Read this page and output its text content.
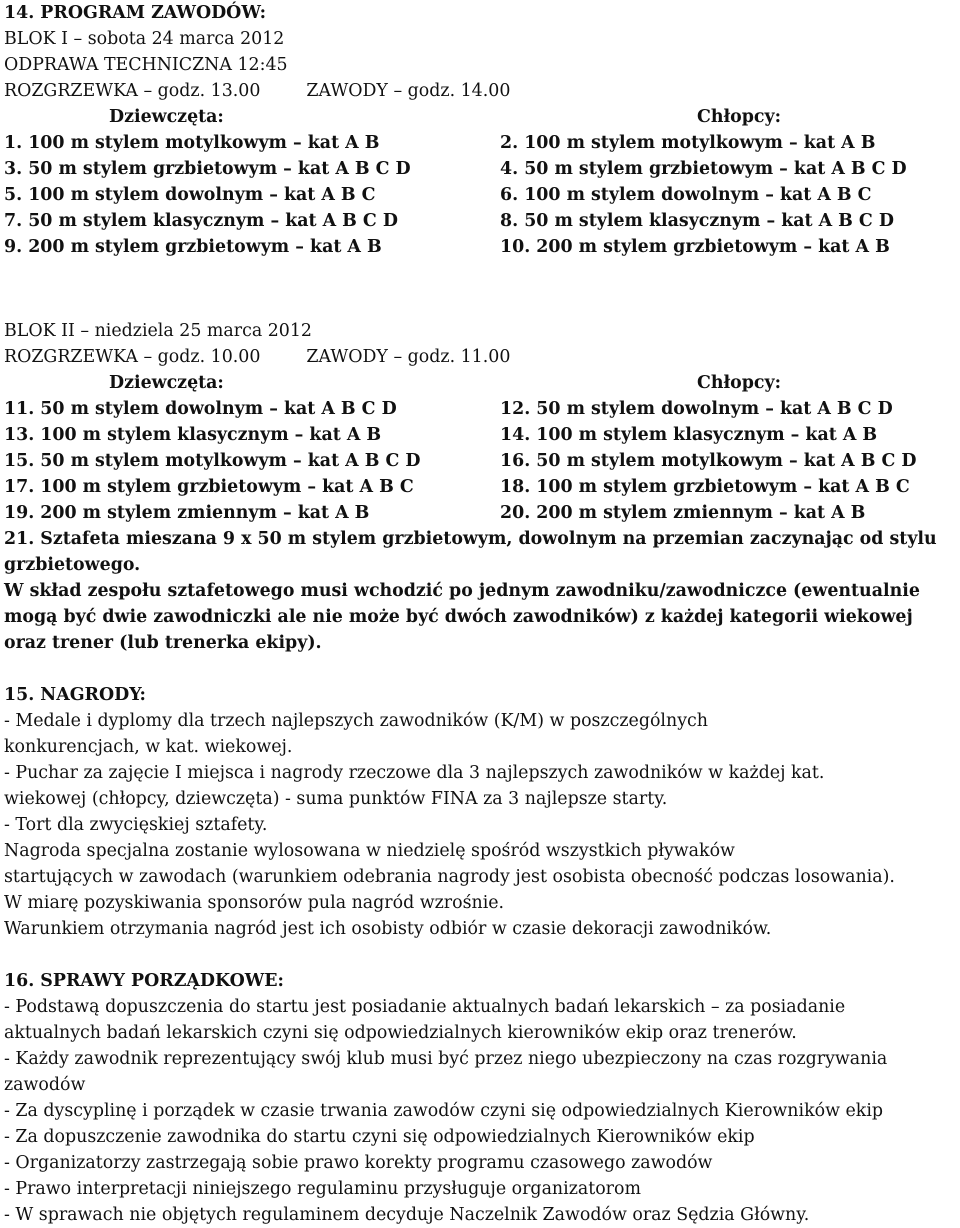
14. PROGRAM ZAWODÓW:
BLOK I – sobota 24 marca 2012
ODPRAWA TECHNICZNA 12:45
ROZGRZEWKA – godz. 13.00	ZAWODY – godz. 14.00
Dziewczęta:	Chłopcy:
1. 100 m stylem motylkowym – kat A B	2. 100 m stylem motylkowym – kat A B
3. 50 m stylem grzbietowym – kat A B C D	4. 50 m stylem grzbietowym – kat A B C D
5. 100 m stylem dowolnym – kat A B C	6. 100 m stylem dowolnym – kat A B C
7. 50 m stylem klasycznym – kat A B C D	8. 50 m stylem klasycznym – kat A B C D
9. 200 m stylem grzbietowym – kat A B	10. 200 m stylem grzbietowym – kat A B
BLOK II – niedziela 25 marca 2012
ROZGRZEWKA – godz. 10.00	ZAWODY – godz. 11.00
Dziewczęta:	Chłopcy:
11. 50 m stylem dowolnym – kat A B C D	12. 50 m stylem dowolnym – kat A B C D
13. 100 m stylem klasycznym – kat A B	14. 100 m stylem klasycznym – kat A B
15. 50 m stylem motylkowym – kat A B C D	16. 50 m stylem motylkowym – kat A B C D
17. 100 m stylem grzbietowym – kat A B C	18. 100 m stylem grzbietowym – kat A B C
19. 200 m stylem zmiennym – kat A B	20. 200 m stylem zmiennym – kat A B
21. Sztafeta mieszana 9 x 50 m stylem grzbietowym, dowolnym na przemian zaczynając od stylu grzbietowego.
W skład zespołu sztafetowego musi wchodzić po jednym zawodniku/zawodniczce (ewentualnie mogą być dwie zawodniczki ale nie może być dwóch zawodników) z każdej kategorii wiekowej oraz trener (lub trenerka ekipy).
15. NAGRODY:
- Medale i dyplomy dla trzech najlepszych zawodników (K/M) w poszczególnych
konkurencjach, w kat. wiekowej.
- Puchar za zajęcie I miejsca i nagrody rzeczowe dla 3 najlepszych zawodników w każdej kat.
wiekowej (chłopcy, dziewczęta) - suma punktów FINA za 3 najlepsze starty.
- Tort dla zwycięskiej sztafety.
Nagroda specjalna zostanie wylosowana w niedzielę spośród wszystkich pływaków
startujących w zawodach (warunkiem odebrania nagrody jest osobista obecność podczas losowania).
W miarę pozyskiwania sponsorów pula nagród wzrośnie.
Warunkiem otrzymania nagród jest ich osobisty odbiór w czasie dekoracji zawodników.
16. SPRAWY PORZĄDKOWE:
- Podstawą dopuszczenia do startu jest posiadanie aktualnych badań lekarskich – za posiadanie
aktualnych badań lekarskich czyni się odpowiedzialnych kierowników ekip oraz trenerów.
- Każdy zawodnik reprezentujący swój klub musi być przez niego ubezpieczony na czas rozgrywania
zawodów
- Za dyscyplinę i porządek w czasie trwania zawodów czyni się odpowiedzialnych Kierowników ekip
- Za dopuszczenie zawodnika do startu czyni się odpowiedzialnych Kierowników ekip
- Organizatorzy zastrzegają sobie prawo korekty programu czasowego zawodów
- Prawo interpretacji niniejszego regulaminu przysługuje organizatorom
- W sprawach nie objętych regulaminem decyduje Naczelnik Zawodów oraz Sędzia Główny.
